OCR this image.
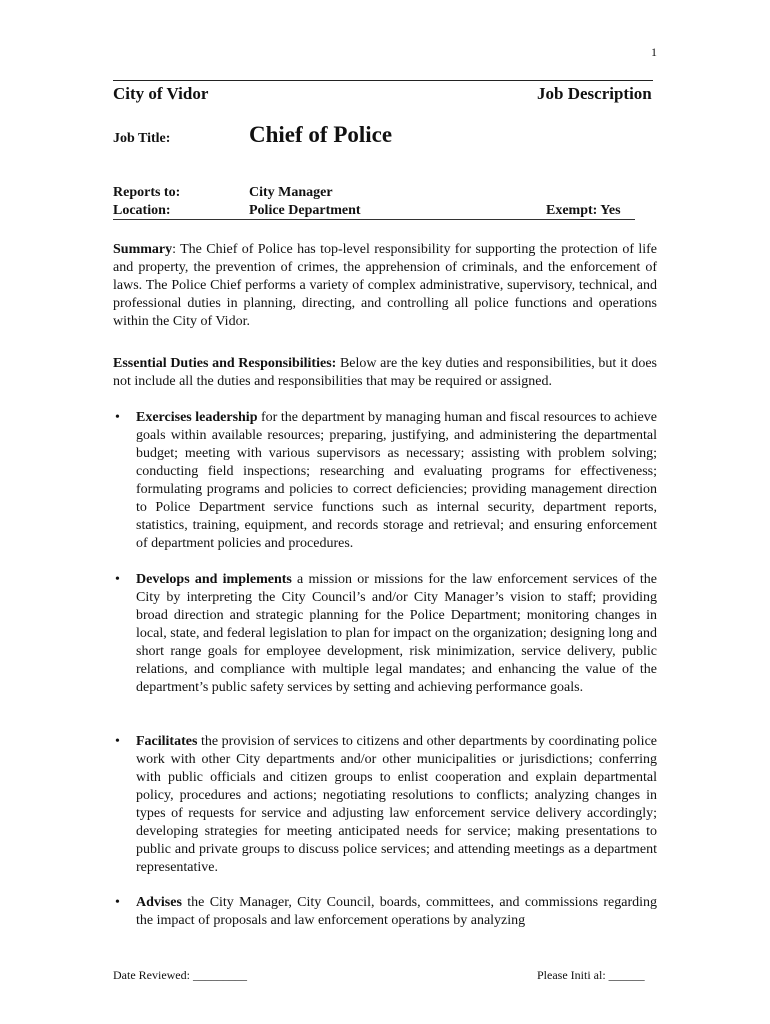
1
City of Vidor	Job Description
Job Title:	Chief of Police
Reports to:	City Manager
Location:	Police Department	Exempt: Yes

Summary: The Chief of Police has top-level responsibility for supporting the protection of life and property, the prevention of crimes, the apprehension of criminals, and the enforcement of laws. The Police Chief performs a variety of complex administrative, supervisory, technical, and professional duties in planning, directing, and controlling all police functions and operations within the City of Vidor.

Essential Duties and Responsibilities: Below are the key duties and responsibilities, but it does not include all the duties and responsibilities that may be required or assigned.

• Exercises leadership for the department by managing human and fiscal resources to achieve goals within available resources; preparing, justifying, and administering the departmental budget; meeting with various supervisors as necessary; assisting with problem solving; conducting field inspections; researching and evaluating programs for effectiveness; formulating programs and policies to correct deficiencies; providing management direction to Police Department service functions such as internal security, department reports, statistics, training, equipment, and records storage and retrieval; and ensuring enforcement of department policies and procedures.

• Develops and implements a mission or missions for the law enforcement services of the City by interpreting the City Council’s and/or City Manager’s vision to staff; providing broad direction and strategic planning for the Police Department; monitoring changes in local, state, and federal legislation to plan for impact on the organization; designing long and short range goals for employee development, risk minimization, service delivery, public relations, and compliance with multiple legal mandates; and enhancing the value of the department’s public safety services by setting and achieving performance goals.

• Facilitates the provision of services to citizens and other departments by coordinating police work with other City departments and/or other municipalities or jurisdictions; conferring with public officials and citizen groups to enlist cooperation and explain departmental policy, procedures and actions; negotiating resolutions to conflicts; analyzing changes in types of requests for service and adjusting law enforcement service delivery accordingly; developing strategies for meeting anticipated needs for service; making presentations to public and private groups to discuss police services; and attending meetings as a department representative.

• Advises the City Manager, City Council, boards, committees, and commissions regarding the impact of proposals and law enforcement operations by analyzing

Date Reviewed: _________	Please Initi al: ______
